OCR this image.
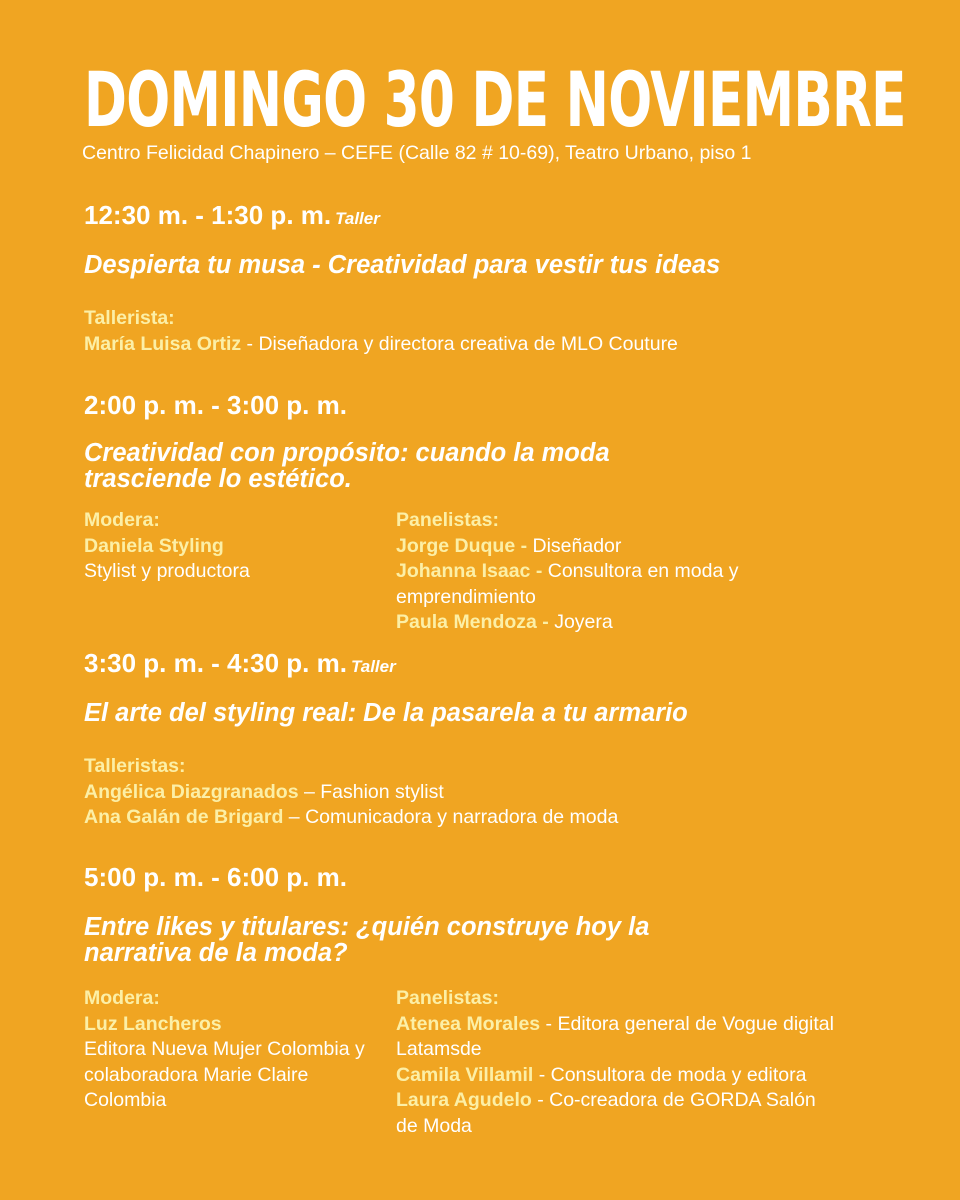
DOMINGO 30 DE NOVIEMBRE
Centro Felicidad Chapinero – CEFE (Calle 82 # 10-69), Teatro Urbano, piso 1
12:30 m. - 1:30 p. m. Taller
Despierta tu musa - Creatividad para vestir tus ideas
Tallerista:
María Luisa Ortiz - Diseñadora y directora creativa de MLO Couture
2:00 p. m. - 3:00 p. m.
Creatividad con propósito: cuando la moda trasciende lo estético.
Modera:
Daniela Styling
Stylist y productora
Panelistas:
Jorge Duque - Diseñador
Johanna Isaac - Consultora en moda y emprendimiento
Paula Mendoza - Joyera
3:30 p. m. - 4:30 p. m. Taller
El arte del styling real: De la pasarela a tu armario
Talleristas:
Angélica Diazgranados – Fashion stylist
Ana Galán de Brigard – Comunicadora y narradora de moda
5:00 p. m. - 6:00 p. m.
Entre likes y titulares: ¿quién construye hoy la narrativa de la moda?
Modera:
Luz Lancheros
Editora Nueva Mujer Colombia y colaboradora Marie Claire Colombia
Panelistas:
Atenea Morales - Editora general de Vogue digital Latamsde
Camila Villamil - Consultora de moda y editora
Laura Agudelo - Co-creadora de GORDA Salón de Moda
